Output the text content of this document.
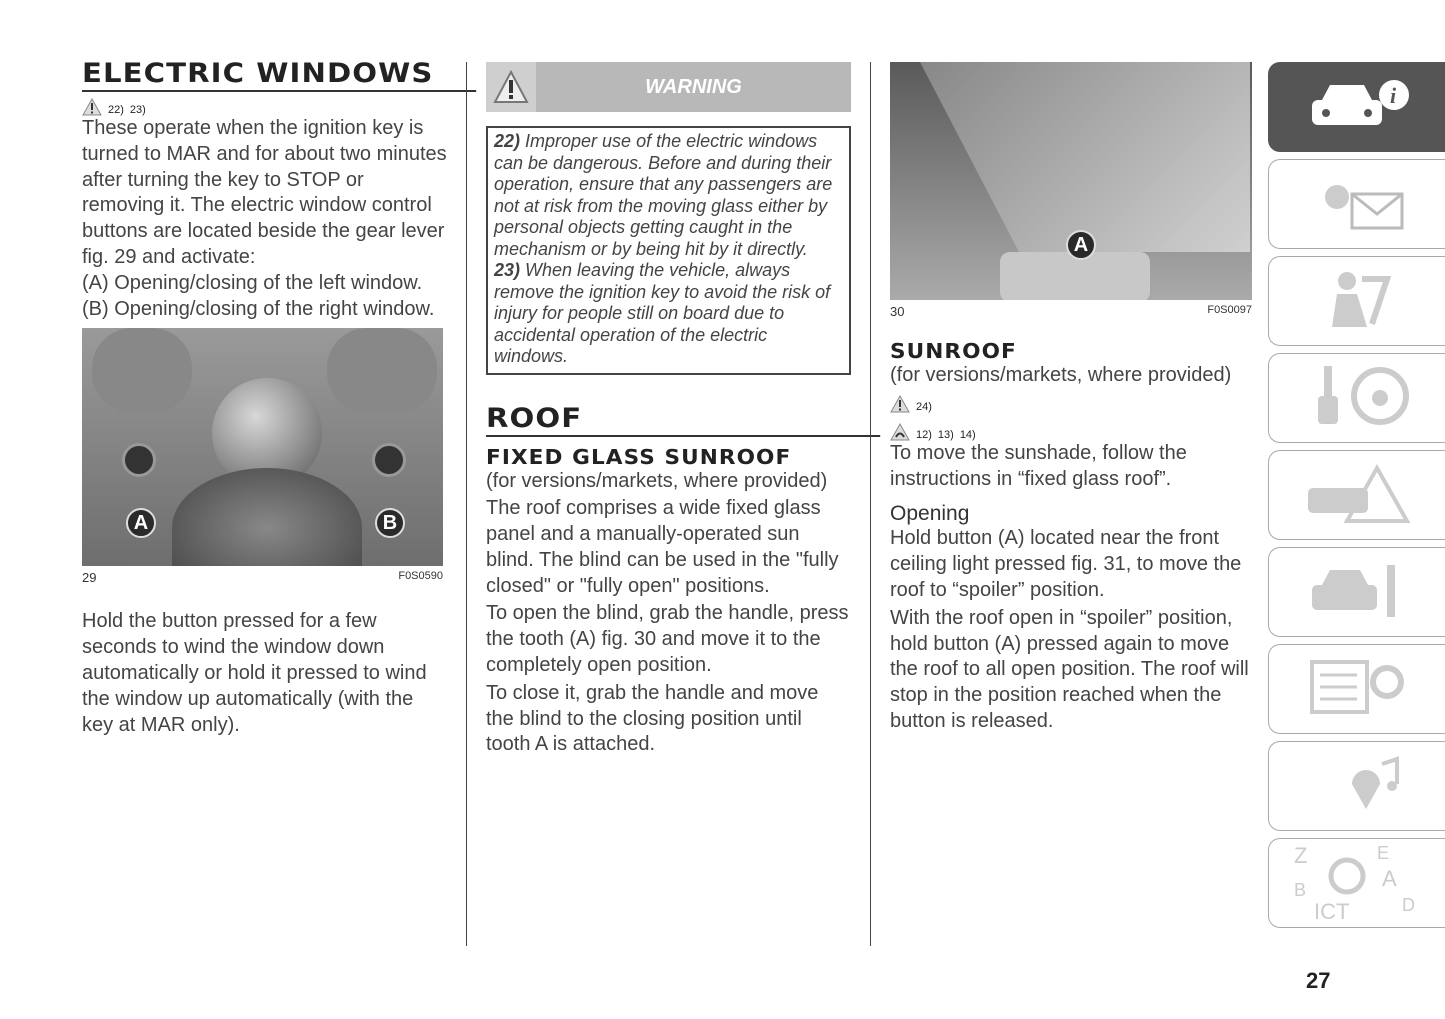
ELECTRIC WINDOWS
22) 23)

These operate when the ignition key is turned to MAR and for about two minutes after turning the key to STOP or removing it. The electric window control buttons are located beside the gear lever fig. 29 and activate:

(A) Opening/closing of the left window.

(B) Opening/closing of the right window.

A	B
29	F0S0590

Hold the button pressed for a few seconds to wind the window down automatically or hold it pressed to wind the window up automatically (with the key at MAR only).

WARNING

22) Improper use of the electric windows can be dangerous. Before and during their operation, ensure that any passengers are not at risk from the moving glass either by personal objects getting caught in the mechanism or by being hit by it directly.

23) When leaving the vehicle, always remove the ignition key to avoid the risk of injury for people still on board due to accidental operation of the electric windows.

ROOF
FIXED GLASS SUNROOF

(for versions/markets, where provided)

The roof comprises a wide fixed glass panel and a manually-operated sun blind. The blind can be used in the "fully closed" or "fully open" positions.

To open the blind, grab the handle, press the tooth (A) fig. 30 and move it to the completely open position.

To close it, grab the handle and move the blind to the closing position until tooth A is attached.

A
30	F0S0097
SUNROOF

(for versions/markets, where provided)

24)
12) 13) 14)

To move the sunshade, follow the instructions in “fixed glass roof”.

Opening

Hold button (A) located near the front ceiling light pressed fig. 31, to move the roof to “spoiler” position.

With the roof open in “spoiler” position, hold button (A) pressed again to move the roof to all open position. The roof will stop in the position reached when the button is released.

i
Z
B
E
A
D
ICT
27
